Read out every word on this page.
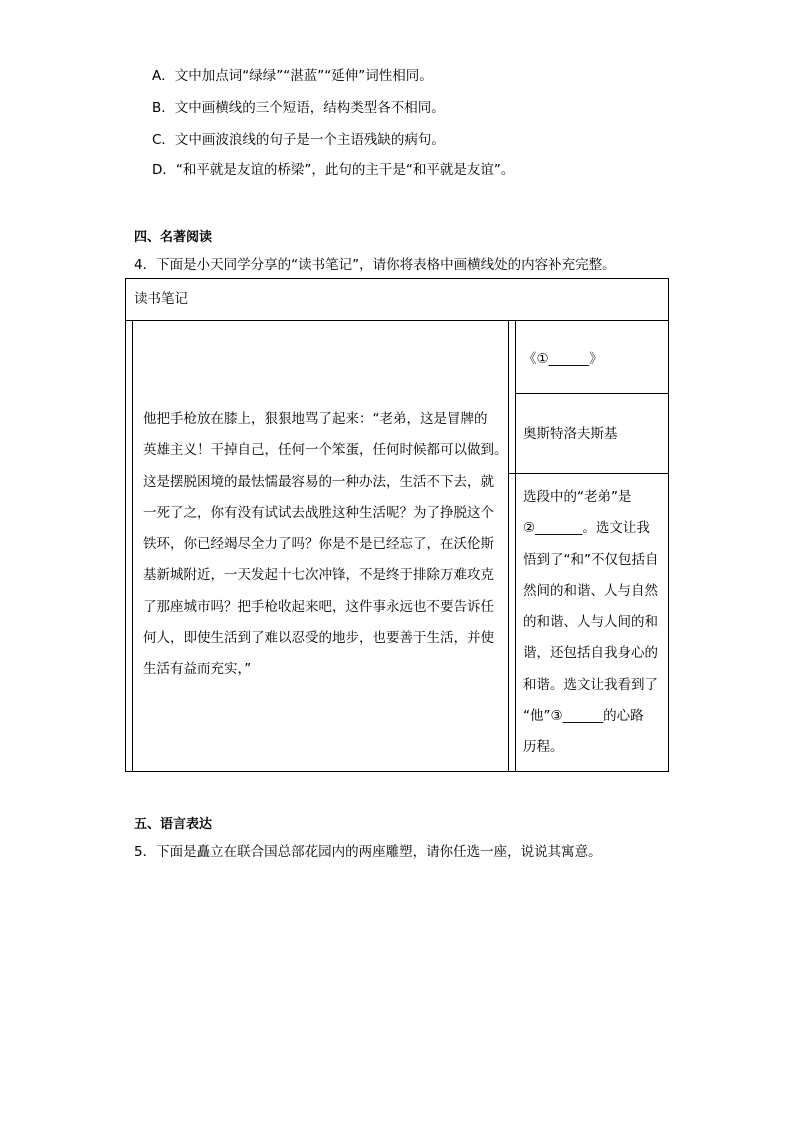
A．文中加点词“绿绿”“湛蓝”“延伸”词性相同。
B．文中画横线的三个短语，结构类型各不相同。
C．文中画波浪线的句子是一个主语残缺的病句。
D．“和平就是友谊的桥梁”，此句的主干是“和平就是友谊”。
四、名著阅读
4．下面是小天同学分享的“读书笔记”，请你将表格中画横线处的内容补充完整。
读书笔记
他把手枪放在膝上，狠狠地骂了起来：“老弟，这是冒牌的
英雄主义！干掉自己，任何一个笨蛋，任何时候都可以做到。
这是摆脱困境的最怯懦最容易的一种办法，生活不下去，就
一死了之，你有没有试试去战胜这种生活呢？为了挣脱这个
铁环，你已经竭尽全力了吗？你是不是已经忘了，在沃伦斯
基新城附近，一天发起十七次冲锋，不是终于排除万难攻克
了那座城市吗？把手枪收起来吧，这件事永远也不要告诉任
何人，即使生活到了难以忍受的地步，也要善于生活，并使
生活有益而充实，”
《①______》
奥斯特洛夫斯基
选段中的“老弟”是
②_______。选文让我
悟到了“和”不仅包括自
然间的和谐、人与自然
的和谐、人与人间的和
谐，还包括自我身心的
和谐。选文让我看到了
“他”③______的心路
历程。
五、语言表达
5．下面是矗立在联合国总部花园内的两座雕塑，请你任选一座，说说其寓意。
